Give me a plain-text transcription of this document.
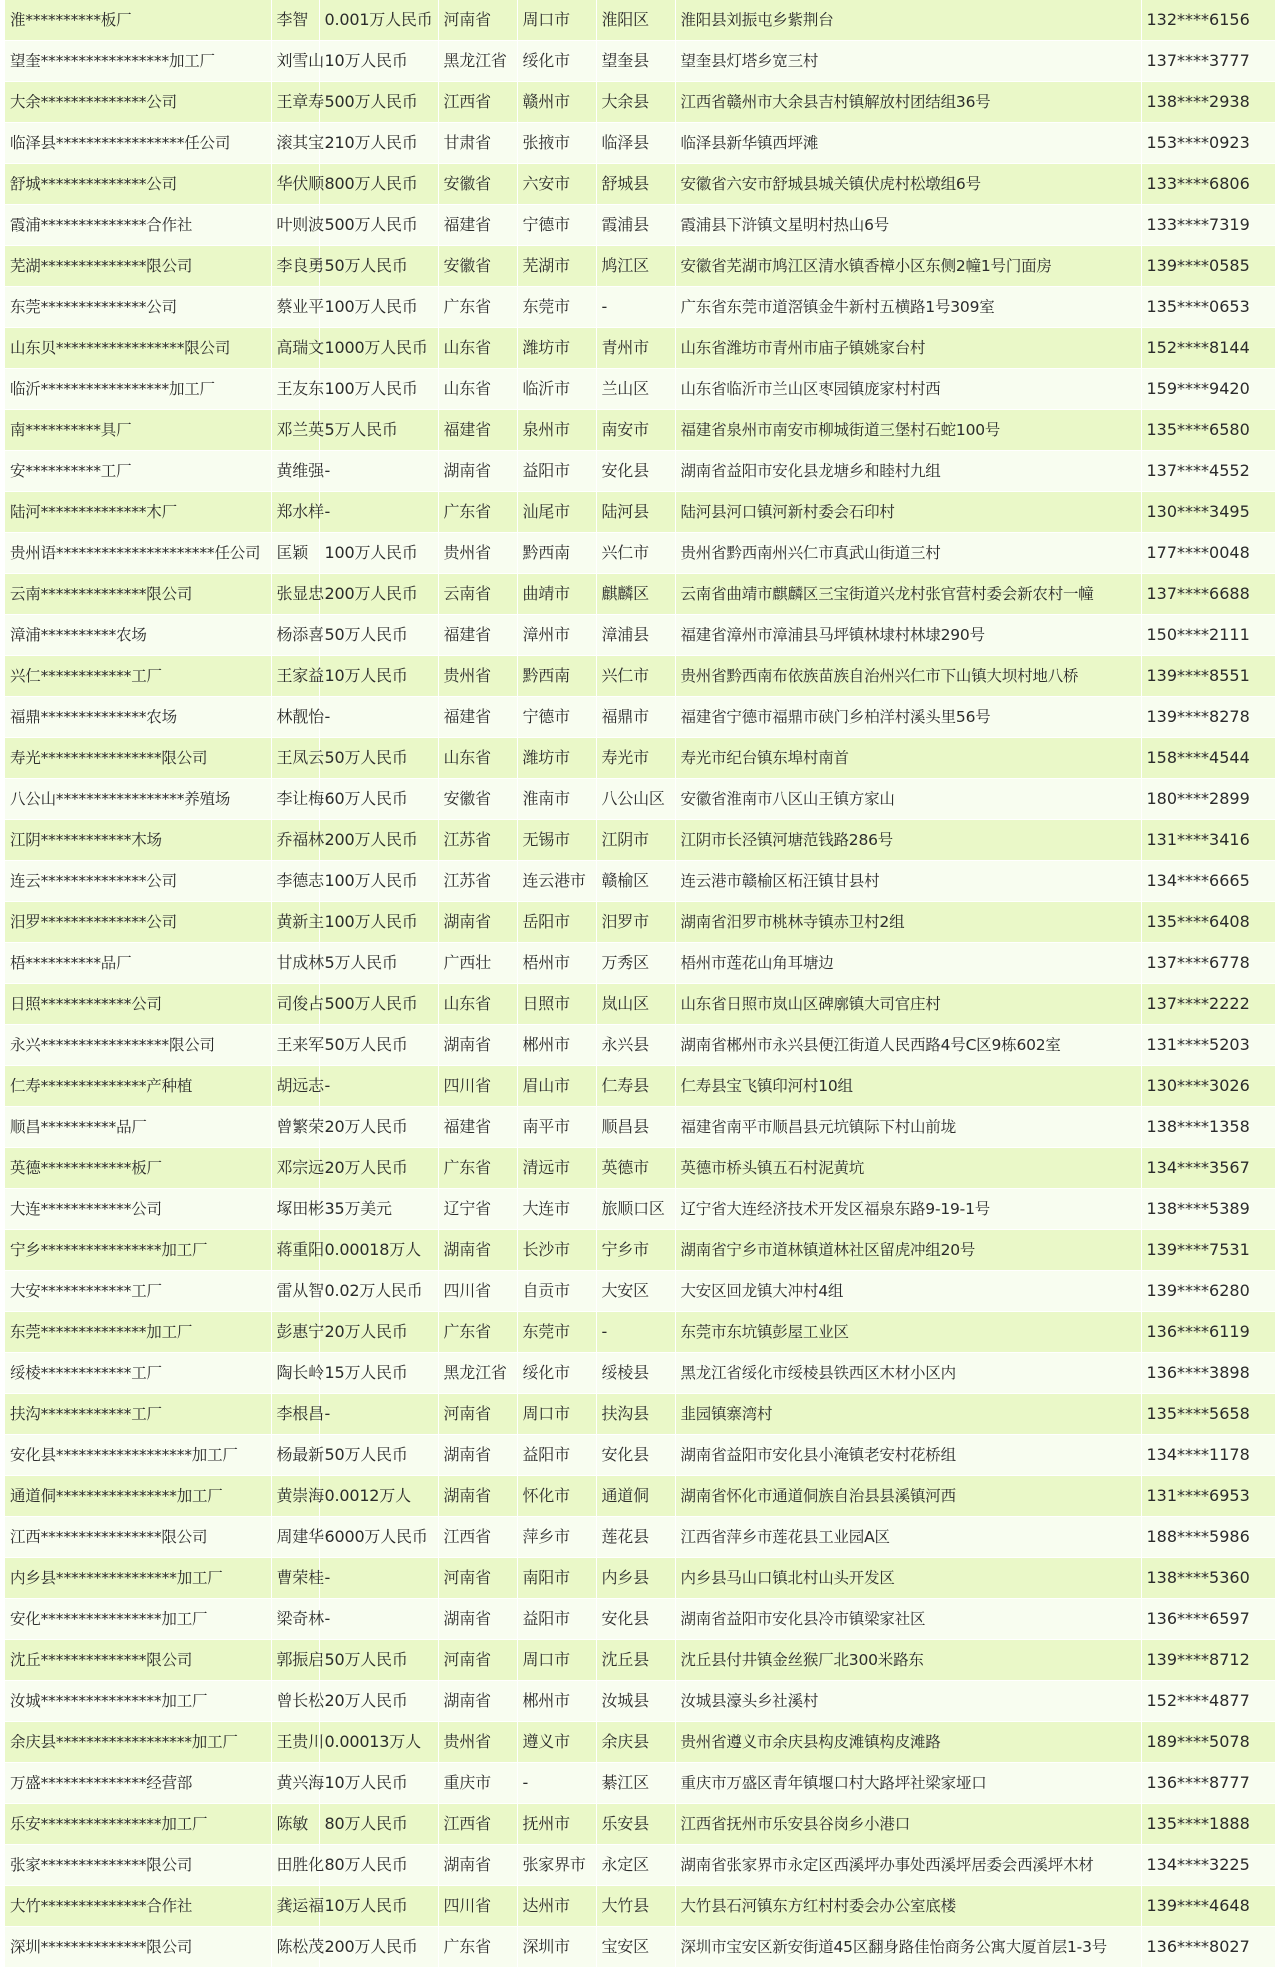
淮**********板厂	李智	0.001万人民币	河南省	周口市	淮阳区	淮阳县刘振屯乡紫荆台	132****6156
望奎*****************加工厂	刘雪山	10万人民币	黑龙江省	绥化市	望奎县	望奎县灯塔乡宽三村	137****3777
大余**************公司	王章寿	500万人民币	江西省	赣州市	大余县	江西省赣州市大余县吉村镇解放村团结组36号	138****2938
临泽县*****************任公司	滚其宝	210万人民币	甘肃省	张掖市	临泽县	临泽县新华镇西坪滩	153****0923
舒城**************公司	华伏顺	800万人民币	安徽省	六安市	舒城县	安徽省六安市舒城县城关镇伏虎村松墩组6号	133****6806
霞浦**************合作社	叶则波	500万人民币	福建省	宁德市	霞浦县	霞浦县下浒镇文星明村热山6号	133****7319
芜湖**************限公司	李良勇	50万人民币	安徽省	芜湖市	鸠江区	安徽省芜湖市鸠江区清水镇香樟小区东侧2幢1号门面房	139****0585
东莞**************公司	蔡业平	100万人民币	广东省	东莞市	-	广东省东莞市道滘镇金牛新村五横路1号309室	135****0653
山东贝*****************限公司	高瑞文	1000万人民币	山东省	潍坊市	青州市	山东省潍坊市青州市庙子镇姚家台村	152****8144
临沂*****************加工厂	王友东	100万人民币	山东省	临沂市	兰山区	山东省临沂市兰山区枣园镇庞家村村西	159****9420
南**********具厂	邓兰英	5万人民币	福建省	泉州市	南安市	福建省泉州市南安市柳城街道三堡村石蛇100号	135****6580
安**********工厂	黄维强	-	湖南省	益阳市	安化县	湖南省益阳市安化县龙塘乡和睦村九组	137****4552
陆河**************木厂	郑水样	-	广东省	汕尾市	陆河县	陆河县河口镇河新村委会石印村	130****3495
贵州语*********************任公司	匡颖	100万人民币	贵州省	黔西南	兴仁市	贵州省黔西南州兴仁市真武山街道三村	177****0048
云南**************限公司	张显忠	200万人民币	云南省	曲靖市	麒麟区	云南省曲靖市麒麟区三宝街道兴龙村张官营村委会新农村一幢	137****6688
漳浦**********农场	杨添喜	50万人民币	福建省	漳州市	漳浦县	福建省漳州市漳浦县马坪镇林埭村林埭290号	150****2111
兴仁************工厂	王家益	10万人民币	贵州省	黔西南	兴仁市	贵州省黔西南布依族苗族自治州兴仁市下山镇大坝村地八桥	139****8551
福鼎**************农场	林靓怡	-	福建省	宁德市	福鼎市	福建省宁德市福鼎市硖门乡柏洋村溪头里56号	139****8278
寿光****************限公司	王凤云	50万人民币	山东省	潍坊市	寿光市	寿光市纪台镇东埠村南首	158****4544
八公山*****************养殖场	李让梅	60万人民币	安徽省	淮南市	八公山区	安徽省淮南市八区山王镇方家山	180****2899
江阴************木场	乔福林	200万人民币	江苏省	无锡市	江阴市	江阴市长泾镇河塘范钱路286号	131****3416
连云**************公司	李德志	100万人民币	江苏省	连云港市	赣榆区	连云港市赣榆区柘汪镇甘县村	134****6665
汨罗**************公司	黄新主	100万人民币	湖南省	岳阳市	汨罗市	湖南省汨罗市桃林寺镇赤卫村2组	135****6408
梧**********品厂	甘成林	5万人民币	广西壮	梧州市	万秀区	梧州市莲花山角耳塘边	137****6778
日照************公司	司俊占	500万人民币	山东省	日照市	岚山区	山东省日照市岚山区碑廓镇大司官庄村	137****2222
永兴*****************限公司	王来军	50万人民币	湖南省	郴州市	永兴县	湖南省郴州市永兴县便江街道人民西路4号C区9栋602室	131****5203
仁寿**************产种植	胡远志	-	四川省	眉山市	仁寿县	仁寿县宝飞镇印河村10组	130****3026
顺昌**********品厂	曾繁荣	20万人民币	福建省	南平市	顺昌县	福建省南平市顺昌县元坑镇际下村山前垅	138****1358
英德************板厂	邓宗远	20万人民币	广东省	清远市	英德市	英德市桥头镇五石村泥黄坑	134****3567
大连************公司	塚田彬	35万美元	辽宁省	大连市	旅顺口区	辽宁省大连经济技术开发区福泉东路9-19-1号	138****5389
宁乡****************加工厂	蒋重阳	0.00018万人	湖南省	长沙市	宁乡市	湖南省宁乡市道林镇道林社区留虎冲组20号	139****7531
大安************工厂	雷从智	0.02万人民币	四川省	自贡市	大安区	大安区回龙镇大冲村4组	139****6280
东莞**************加工厂	彭惠宁	20万人民币	广东省	东莞市	-	东莞市东坑镇彭屋工业区	136****6119
绥棱************工厂	陶长岭	15万人民币	黑龙江省	绥化市	绥棱县	黑龙江省绥化市绥棱县铁西区木材小区内	136****3898
扶沟************工厂	李根昌	-	河南省	周口市	扶沟县	韭园镇寨湾村	135****5658
安化县******************加工厂	杨最新	50万人民币	湖南省	益阳市	安化县	湖南省益阳市安化县小淹镇老安村花桥组	134****1178
通道侗****************加工厂	黄崇海	0.0012万人	湖南省	怀化市	通道侗	湖南省怀化市通道侗族自治县县溪镇河西	131****6953
江西****************限公司	周建华	6000万人民币	江西省	萍乡市	莲花县	江西省萍乡市莲花县工业园A区	188****5986
内乡县****************加工厂	曹荣桂	-	河南省	南阳市	内乡县	内乡县马山口镇北村山头开发区	138****5360
安化****************加工厂	梁奇林	-	湖南省	益阳市	安化县	湖南省益阳市安化县冷市镇梁家社区	136****6597
沈丘**************限公司	郭振启	50万人民币	河南省	周口市	沈丘县	沈丘县付井镇金丝猴厂北300米路东	139****8712
汝城****************加工厂	曾长松	20万人民币	湖南省	郴州市	汝城县	汝城县濠头乡社溪村	152****4877
余庆县******************加工厂	王贵川	0.00013万人	贵州省	遵义市	余庆县	贵州省遵义市余庆县构皮滩镇构皮滩路	189****5078
万盛**************经营部	黄兴海	10万人民币	重庆市	-	綦江区	重庆市万盛区青年镇堰口村大路坪社梁家垭口	136****8777
乐安****************加工厂	陈敏	80万人民币	江西省	抚州市	乐安县	江西省抚州市乐安县谷岗乡小港口	135****1888
张家**************限公司	田胜化	80万人民币	湖南省	张家界市	永定区	湖南省张家界市永定区西溪坪办事处西溪坪居委会西溪坪木材	134****3225
大竹**************合作社	龚运福	10万人民币	四川省	达州市	大竹县	大竹县石河镇东方红村村委会办公室底楼	139****4648
深圳**************限公司	陈松茂	200万人民币	广东省	深圳市	宝安区	深圳市宝安区新安街道45区翻身路佳怡商务公寓大厦首层1-3号	136****8027
